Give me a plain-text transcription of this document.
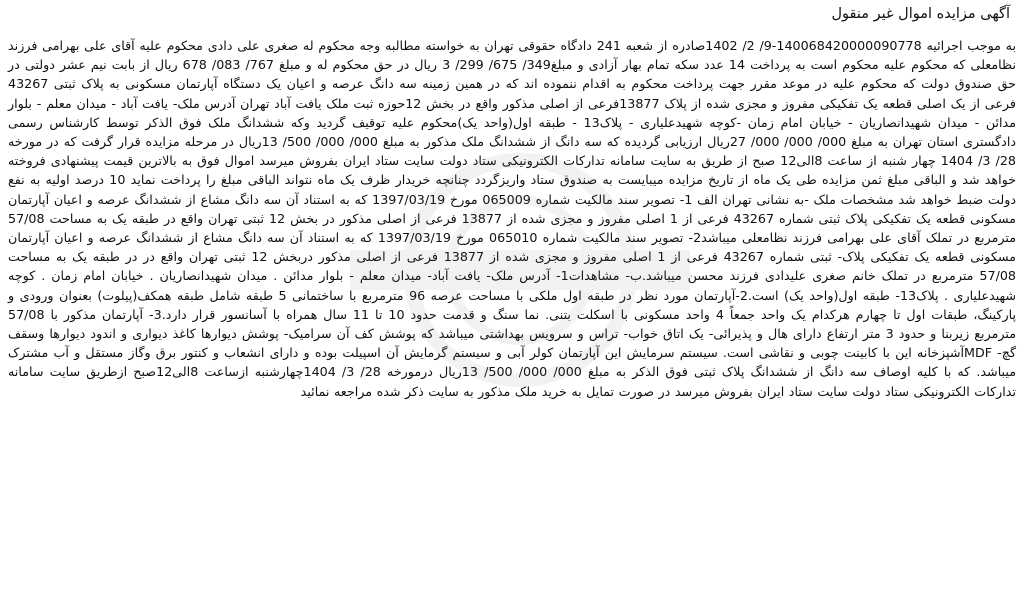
آگهی مزایده اموال غیر منقول

به موجب اجرائیه 140068420000090778-9/ 2/ 1402صادره از شعبه 241 دادگاه حقوقی تهران به خواسته مطالبه وجه محکوم له صغری علی دادی محکوم علیه آقای علی بهرامی فرزند نظامعلی که محکوم علیه محکوم است به پرداخت 14 عدد سکه تمام بهار آزادی و مبلغ349/ 675/ 299/ 3 ریال در حق محکوم له و مبلغ 767/ 083/ 678 ریال از بابت نیم عشر دولتی در حق صندوق دولت که محکوم علیه در موعد مقرر جهت پرداخت محکوم به اقدام ننموده اند که در همین زمینه سه دانگ عرصه و اعیان یک دستگاه آپارتمان مسکونی به پلاک ثبتی 43267 فرعی از یک اصلی قطعه یک تفکیکی مفروز و مجزی شده از پلاک 13877فرعی از اصلی مذکور واقع در بخش 12حوزه ثبت ملک یافت آباد تهران آدرس ملک- یافت آباد - میدان معلم - بلوار مدائن - میدان شهیدانصاریان - خیابان امام زمان -کوچه شهیدعلیاری - پلاک13 - طبقه اول(واحد یک)محکوم علیه توقیف گردید وکه ششدانگ ملک فوق الذکر توسط کارشناس رسمی دادگستری استان تهران به مبلغ 000/ 000/ 000/ 27ریال ارزیابی گردیده که سه دانگ از ششدانگ ملک مذکور به مبلغ 000/ 000/ 500/ 13ریال در مرحله مزایده قرار گرفت که در مورخه 28/ 3/ 1404 چهار شنبه از ساعت 8الی12 صبح از طریق به سایت سامانه تدارکات الکترونیکی ستاد دولت سایت ستاد ایران بفروش میرسد اموال فوق به بالاترین قیمت پیشنهادی فروخته خواهد شد و الباقی مبلغ ثمن مزایده طی یک ماه از تاریخ مزایده میبایست به صندوق ستاد واریزگردد چنانچه خریدار ظرف یک ماه نتواند الباقی مبلغ را پرداخت نماید 10 درصد اولیه به نفع دولت ضبط خواهد شد مشخصات ملک -به نشانی تهران الف 1- تصویر سند مالکیت شماره 065009 مورخ 1397/03/19 که به استناد آن سه دانگ مشاع از ششدانگ عرصه و اعیان آپارتمان مسکونی قطعه یک تفکیکی پلاک ثبتی شماره 43267 فرعی از 1 اصلی مفروز و مجزی شده از 13877 فرعی از اصلی مذکور در بخش 12 ثبتی تهران واقع در طبقه یک به مساحت 57/08 مترمربع در تملک آقای علی بهرامی فرزند نظامعلی میباشد2- تصویر سند مالکیت شماره 065010 مورخ 1397/03/19 که به استناد آن سه دانگ مشاع از ششدانگ عرصه و اعیان آپارتمان مسکونی قطعه یک تفکیکی پلاک- ثبتی شماره 43267 فرعی از 1 اصلی مفروز و مجزی شده از 13877 فرعی از اصلی مذکور دربخش 12 ثبتی تهران واقع در در طبقه یک به مساحت 57/08 مترمربع در تملک خانم صغری علیدادی فرزند محسن میباشد.ب- مشاهدات1- آدرس ملک- یافت آباد- میدان معلم - بلوار مدائن . میدان شهیدانصاریان . خیابان امام زمان . کوچه شهیدعلیاری . پلاک13- طبقه اول(واحد یک) است.2-آپارتمان مورد نظر در طبقه اول ملکی با مساحت عرصه 96 مترمربع با ساختمانی 5 طبقه شامل طبقه همکف(پیلوت) بعنوان ورودی و پارکینگ، طبقات اول تا چهارم هرکدام یک واحد جمعاً 4 واحد مسکونی با اسکلت بتنی. نما سنگ و قدمت حدود 10 تا 11 سال همراه با آسانسور قرار دارد.3- آپارتمان مذکور با 57/08 مترمربع زیربنا و حدود 3 متر ارتفاع دارای هال و پذیرائی- یک اتاق خواب- تراس و سرویس بهداشتی میباشد که پوشش کف آن سرامیک- پوشش دیوارها کاغذ دیواری و اندود دیوارها وسقف گچ- MDFآشپزخانه این با کابینت چوبی و نقاشی است. سیستم سرمایش این آپارتمان کولر آبی و سیستم گرمایش آن اسپیلت بوده و دارای انشعاب و کنتور برق وگاز مستقل و آب مشترک میباشد. که با کلیه اوصاف سه دانگ از ششدانگ پلاک ثبتی فوق الذکر به مبلغ 000/ 000/ 500/ 13ریال درمورخه 28/ 3/ 1404چهارشنبه ازساعت 8الی12صبح ازطریق سایت سامانه تدارکات الکترونیکی ستاد دولت سایت ستاد ایران بفروش میرسد در صورت تمایل به خرید ملک مذکور به سایت ذکر شده مراجعه نمائید
